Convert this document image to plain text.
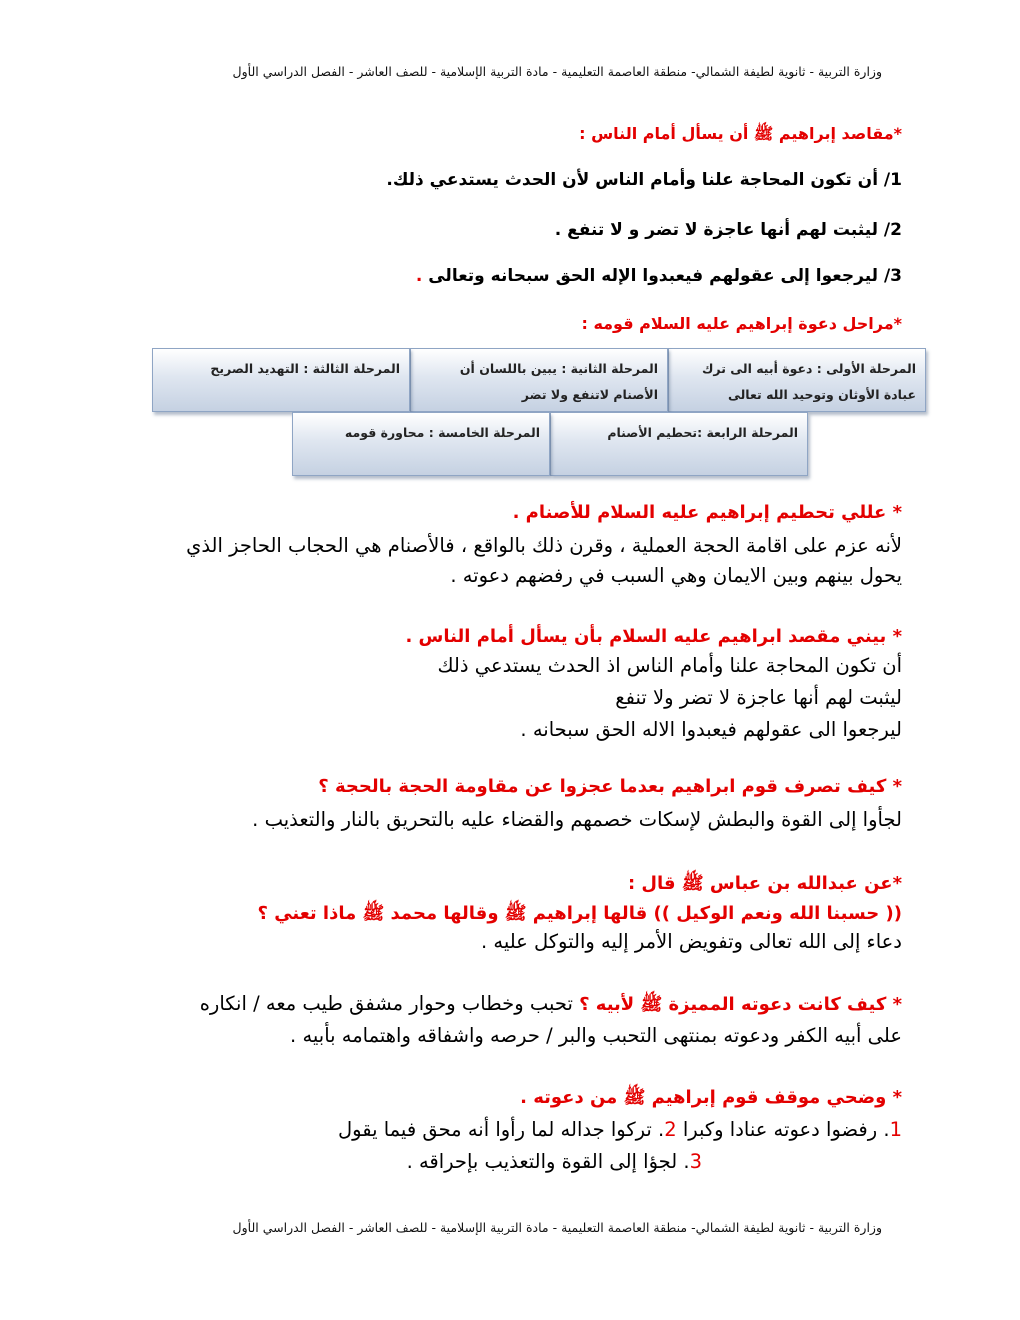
وزارة التربية - ثانوية لطيفة الشمالي- منطقة العاصمة التعليمية - مادة التربية الإسلامية - للصف العاشر - الفصل الدراسي الأول
*مقاصد إبراهيم ﷺ أن يسأل أمام الناس :
1/ أن تكون المحاجة علنا وأمام الناس لأن الحدث يستدعي ذلك.
2/ ليثبت لهم أنها عاجزة لا تضر و لا تنفع .
3/ ليرجعوا إلى عقولهم فيعبدوا الإله الحق سبحانه وتعالى .
*مراحل دعوة إبراهيم عليه السلام قومه :
المرحلة الأولى : دعوة أبيه الى ترك عبادة الأوثان وتوحيد الله تعالى
المرحلة الثانية : يبين باللسان أن الأصنام لاتنفع ولا تضر
المرحلة الثالثة : التهديد الصريح
المرحلة الرابعة :تحطيم الأصنام
المرحلة الخامسة : محاورة قومه
* عللي تحطيم إبراهيم عليه السلام للأصنام .
لأنه عزم على اقامة الحجة العملية ، وقرن ذلك بالواقع ، فالأصنام هي الحجاب الحاجز الذي
يحول بينهم وبين الايمان وهي السبب في رفضهم دعوته .
* بيني مقصد ابراهيم عليه السلام بأن يسأل أمام الناس .
أن تكون المحاجة علنا وأمام الناس اذ الحدث يستدعي ذلك
ليثبت لهم أنها عاجزة لا تضر ولا تنفع
ليرجعوا الى عقولهم فيعبدوا الاله الحق سبحانه .
* كيف تصرف قوم ابراهيم بعدما عجزوا عن مقاومة الحجة بالحجة ؟
لجأوا إلى القوة والبطش لإسكات خصمهم والقضاء عليه بالتحريق بالنار والتعذيب .
*عن عبدالله بن عباس ﷺ قال :
(( حسبنا الله ونعم الوكيل )) قالها إبراهيم ﷺ وقالها محمد ﷺ ماذا تعني ؟
دعاء إلى الله تعالى وتفويض الأمر إليه والتوكل عليه .
* كيف كانت دعوته المميزة ﷺ لأبيه ؟ تحبب وخطاب وحوار مشفق طيب معه / انكاره
على أبيه الكفر ودعوته بمنتهى التحبب والبر / حرصه واشفاقه واهتمامه بأبيه .
* وضحي موقف قوم إبراهيم ﷺ من دعوته .
1. رفضوا دعوته عنادا وكبرا 2. تركوا جداله لما رأوا أنه محق فيما يقول
3. لجؤا إلى القوة والتعذيب بإحراقه .
وزارة التربية - ثانوية لطيفة الشمالي- منطقة العاصمة التعليمية - مادة التربية الإسلامية - للصف العاشر - الفصل الدراسي الأول
